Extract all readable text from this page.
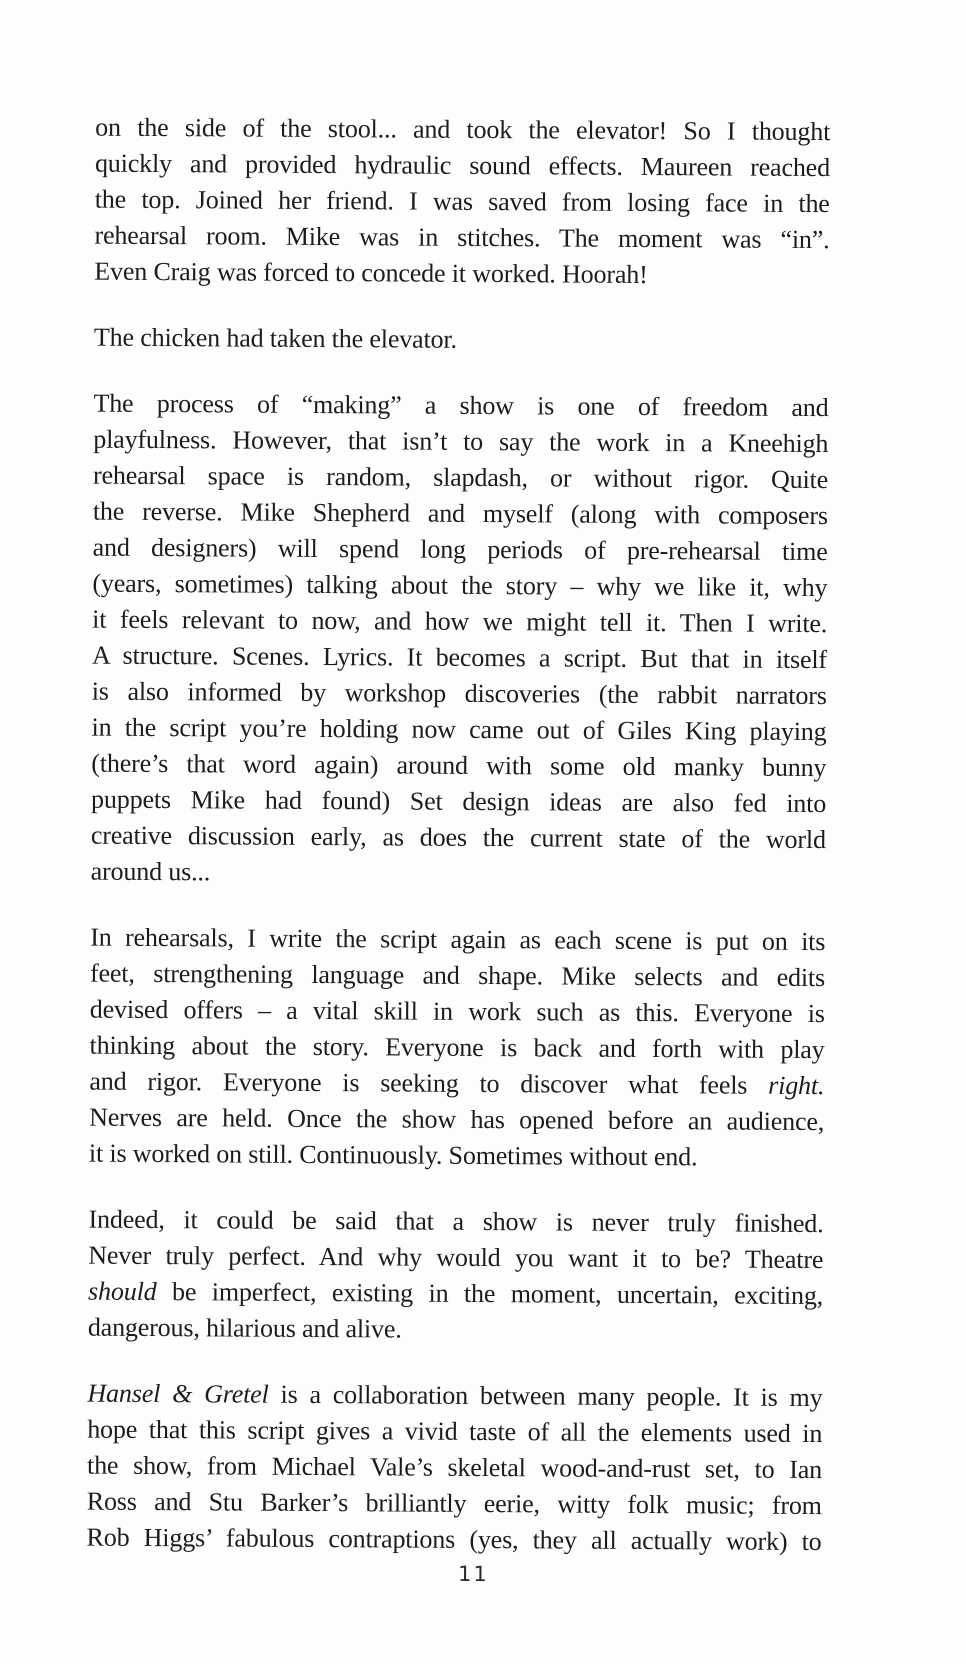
on the side of the stool... and took the elevator! So I thought
quickly and provided hydraulic sound effects. Maureen reached
the top. Joined her friend. I was saved from losing face in the
rehearsal room. Mike was in stitches. The moment was “in”.
Even Craig was forced to concede it worked. Hoorah!

The chicken had taken the elevator.

The process of “making” a show is one of freedom and
playfulness. However, that isn’t to say the work in a Kneehigh
rehearsal space is random, slapdash, or without rigor. Quite
the reverse. Mike Shepherd and myself (along with composers
and designers) will spend long periods of pre-rehearsal time
(years, sometimes) talking about the story – why we like it, why
it feels relevant to now, and how we might tell it. Then I write.
A structure. Scenes. Lyrics. It becomes a script. But that in itself
is also informed by workshop discoveries (the rabbit narrators
in the script you’re holding now came out of Giles King playing
(there’s that word again) around with some old manky bunny
puppets Mike had found) Set design ideas are also fed into
creative discussion early, as does the current state of the world
around us...

In rehearsals, I write the script again as each scene is put on its
feet, strengthening language and shape. Mike selects and edits
devised offers – a vital skill in work such as this. Everyone is
thinking about the story. Everyone is back and forth with play
and rigor. Everyone is seeking to discover what feels right.
Nerves are held. Once the show has opened before an audience,
it is worked on still. Continuously. Sometimes without end.

Indeed, it could be said that a show is never truly finished.
Never truly perfect. And why would you want it to be? Theatre
should be imperfect, existing in the moment, uncertain, exciting,
dangerous, hilarious and alive.

Hansel & Gretel is a collaboration between many people. It is my
hope that this script gives a vivid taste of all the elements used in
the show, from Michael Vale’s skeletal wood-and-rust set, to Ian
Ross and Stu Barker’s brilliantly eerie, witty folk music; from
Rob Higgs’ fabulous contraptions (yes, they all actually work) to

11
